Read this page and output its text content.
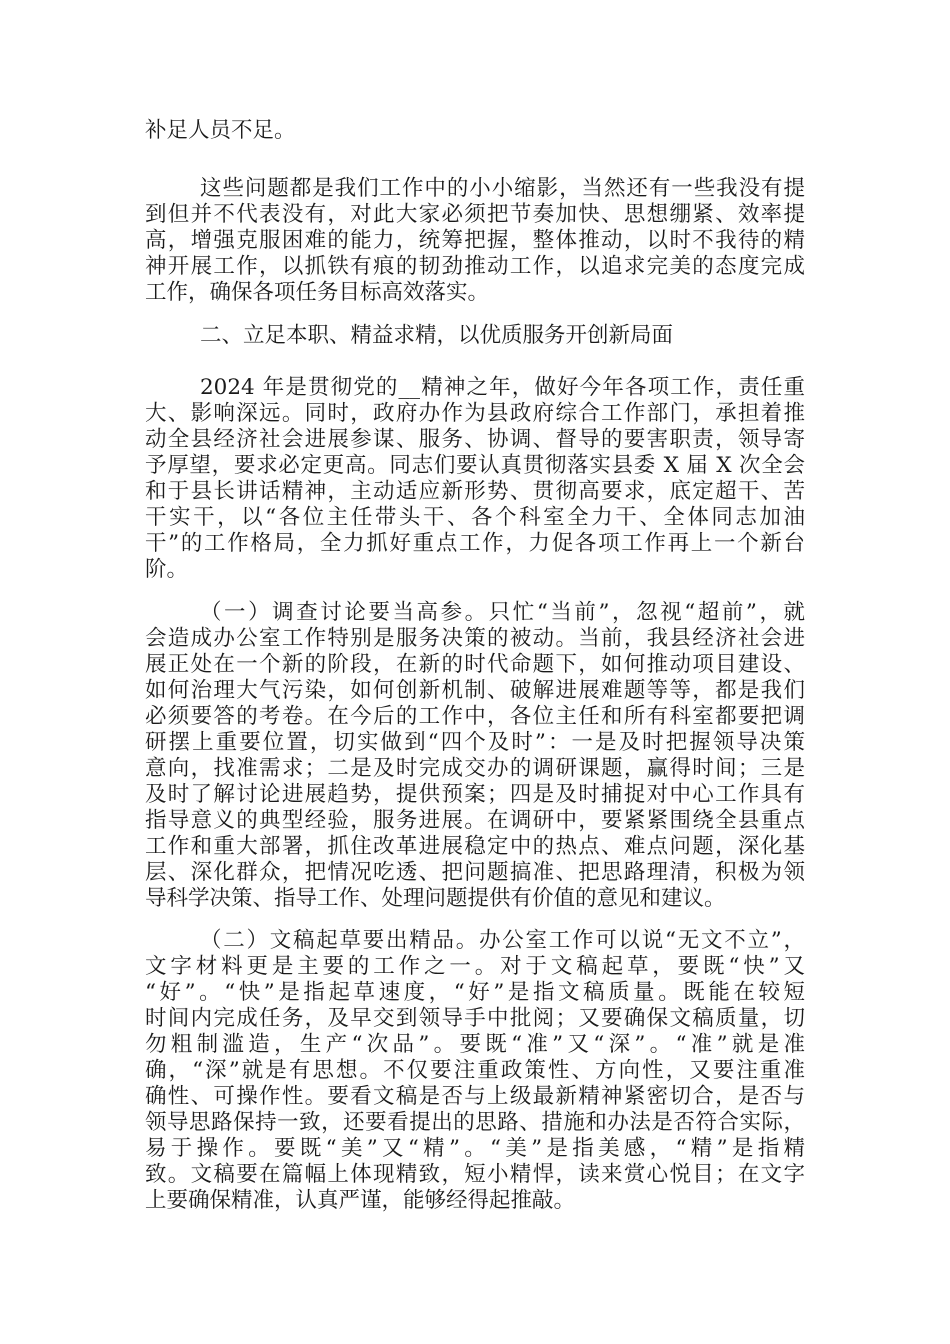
补足人员不足。
这些问题都是我们工作中的小小缩影，当然还有一些我没有提
到但并不代表没有，对此大家必须把节奏加快、思想绷紧、效率提
高，增强克服困难的能力，统筹把握，整体推动，以时不我待的精
神开展工作，以抓铁有痕的韧劲推动工作，以追求完美的态度完成
工作，确保各项任务目标高效落实。
二、立足本职、精益求精，以优质服务开创新局面
2024 年是贯彻党的__精神之年，做好今年各项工作，责任重
大、影响深远。同时，政府办作为县政府综合工作部门，承担着推
动全县经济社会进展参谋、服务、协调、督导的要害职责，领导寄
予厚望，要求必定更高。同志们要认真贯彻落实县委 X 届 X 次全会
和于县长讲话精神，主动适应新形势、贯彻高要求，底定超干、苦
干实干，以“各位主任带头干、各个科室全力干、全体同志加油
干”的工作格局，全力抓好重点工作，力促各项工作再上一个新台
阶。
（一）调查讨论要当高参。只忙“当前”，忽视“超前”，就
会造成办公室工作特别是服务决策的被动。当前，我县经济社会进
展正处在一个新的阶段，在新的时代命题下，如何推动项目建设、
如何治理大气污染，如何创新机制、破解进展难题等等，都是我们
必须要答的考卷。在今后的工作中，各位主任和所有科室都要把调
研摆上重要位置，切实做到“四个及时”：一是及时把握领导决策
意向，找准需求；二是及时完成交办的调研课题，赢得时间；三是
及时了解讨论进展趋势，提供预案；四是及时捕捉对中心工作具有
指导意义的典型经验，服务进展。在调研中，要紧紧围绕全县重点
工作和重大部署，抓住改革进展稳定中的热点、难点问题，深化基
层、深化群众，把情况吃透、把问题搞准、把思路理清，积极为领
导科学决策、指导工作、处理问题提供有价值的意见和建议。
（二）文稿起草要出精品。办公室工作可以说“无文不立”，
文字材料更是主要的工作之一。对于文稿起草，要既“快”又
“好”。“快”是指起草速度，“好”是指文稿质量。既能在较短
时间内完成任务，及早交到领导手中批阅；又要确保文稿质量，切
勿粗制滥造，生产“次品”。要既“准”又“深”。“准”就是准
确，“深”就是有思想。不仅要注重政策性、方向性，又要注重准
确性、可操作性。要看文稿是否与上级最新精神紧密切合，是否与
领导思路保持一致，还要看提出的思路、措施和办法是否符合实际，
易于操作。要既“美”又“精”。“美”是指美感，“精”是指精
致。文稿要在篇幅上体现精致，短小精悍，读来赏心悦目；在文字
上要确保精准，认真严谨，能够经得起推敲。
